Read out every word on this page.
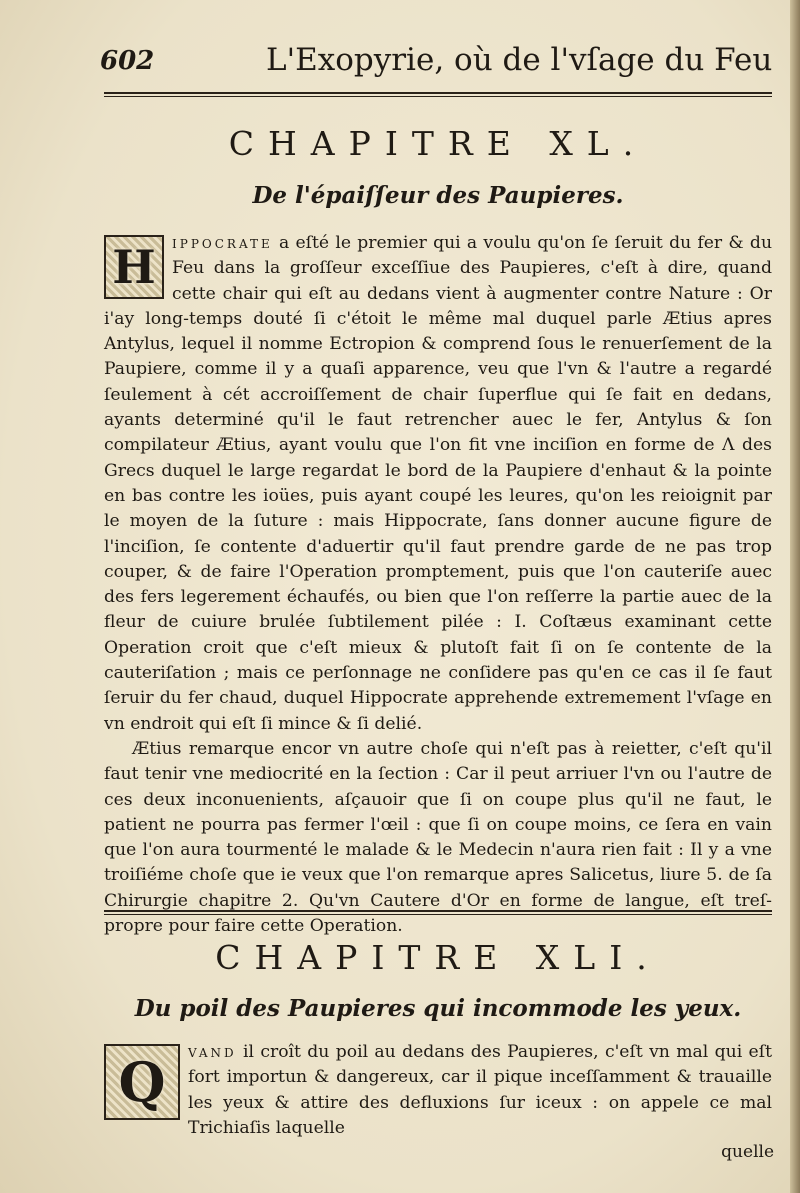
602	L'Exopyrie, où de l'vſage du Feu
CHAPITRE XL.
De l'épaiſſeur des Paupieres.

H ippocrate a eſté le premier qui a voulu qu'on ſe ſeruit du fer & du Feu dans la groſſeur exceſſiue des Paupieres, c'eſt à dire, quand cette chair qui eſt au dedans vient à augmenter contre Nature : Or i'ay long-temps douté ſi c'étoit le même mal duquel parle Ætius apres Antylus, lequel il nomme Ectropion & comprend ſous le renuerſement de la Paupiere, comme il y a quaſi apparence, veu que l'vn & l'autre a regardé ſeulement à cét accroiſſement de chair ſuperflue qui ſe fait en dedans, ayants determiné qu'il le faut retrencher auec le fer, Antylus & ſon compilateur Ætius, ayant voulu que l'on fit vne inciſion en forme de Λ des Grecs duquel le large regardat le bord de la Paupiere d'enhaut & la pointe en bas contre les ioües, puis ayant coupé les leures, qu'on les reioignit par le moyen de la ſuture : mais Hippocrate, ſans donner aucune figure de l'inciſion, ſe contente d'aduertir qu'il faut prendre garde de ne pas trop couper, & de faire l'Operation promptement, puis que l'on cauteriſe auec des fers legerement échaufés, ou bien que l'on reſſerre la partie auec de la fleur de cuiure brulée ſubtilement pilée : I. Coſtæus examinant cette Operation croit que c'eſt mieux & plutoſt fait ſi on ſe contente de la cauteriſation ; mais ce perſonnage ne conſidere pas qu'en ce cas il ſe faut ſeruir du fer chaud, duquel Hippocrate apprehende extremement l'vſage en vn endroit qui eſt ſi mince & ſi delié.

Ætius remarque encor vn autre choſe qui n'eſt pas à reietter, c'eſt qu'il faut tenir vne mediocrité en la ſection : Car il peut arriuer l'vn ou l'autre de ces deux inconuenients, aſçauoir que ſi on coupe plus qu'il ne faut, le patient ne pourra pas fermer l'œil : que ſi on coupe moins, ce ſera en vain que l'on aura tourmenté le malade & le Medecin n'aura rien fait : Il y a vne troiſiéme choſe que ie veux que l'on remarque apres Salicetus, liure 5. de ſa Chirurgie chapitre 2. Qu'vn Cautere d'Or en forme de langue, eſt treſ-propre pour faire cette Operation.

CHAPITRE XLI.
Du poil des Paupieres qui incommode les yeux.

Q	vand il croît du poil au dedans des Paupieres, c'eſt vn mal qui eſt fort importun & dangereux, car il pique inceſſamment & trauaille les yeux & attire des defluxions ſur iceux : on appele ce mal Trichiaſis laquelle

quelle
